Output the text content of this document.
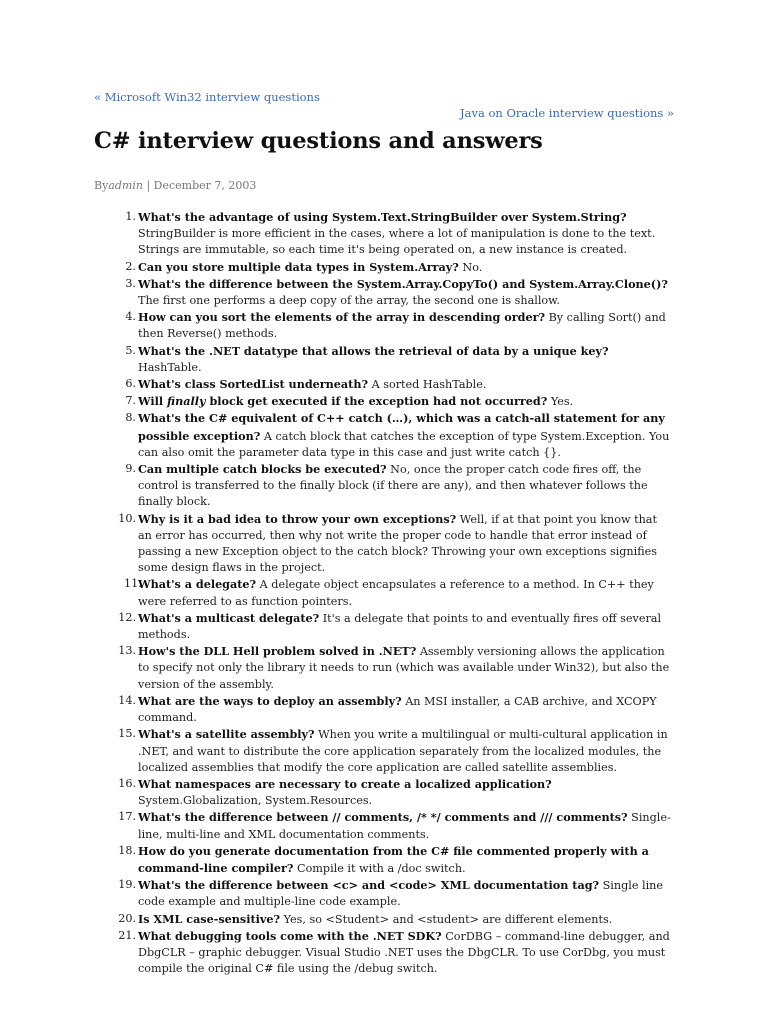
« Microsoft Win32 interview questions
Java on Oracle interview questions »
C# interview questions and answers
Byadmin | December 7, 2003
1. What's the advantage of using System.Text.StringBuilder over System.String? StringBuilder is more efficient in the cases, where a lot of manipulation is done to the text. Strings are immutable, so each time it's being operated on, a new instance is created.
2. Can you store multiple data types in System.Array? No.
3. What's the difference between the System.Array.CopyTo() and System.Array.Clone()? The first one performs a deep copy of the array, the second one is shallow.
4. How can you sort the elements of the array in descending order? By calling Sort() and then Reverse() methods.
5. What's the .NET datatype that allows the retrieval of data by a unique key? HashTable.
6. What's class SortedList underneath? A sorted HashTable.
7. Will finally block get executed if the exception had not occurred? Yes.
8. What's the C# equivalent of C++ catch (…), which was a catch-all statement for any possible exception? A catch block that catches the exception of type System.Exception. You can also omit the parameter data type in this case and just write catch {}.
9. Can multiple catch blocks be executed? No, once the proper catch code fires off, the control is transferred to the finally block (if there are any), and then whatever follows the finally block.
10. Why is it a bad idea to throw your own exceptions? Well, if at that point you know that an error has occurred, then why not write the proper code to handle that error instead of passing a new Exception object to the catch block? Throwing your own exceptions signifies some design flaws in the project.
11.
What's a delegate? A delegate object encapsulates a reference to a method. In C++ they were referred to as function pointers.
12. What's a multicast delegate? It's a delegate that points to and eventually fires off several methods.
13. How's the DLL Hell problem solved in .NET? Assembly versioning allows the application to specify not only the library it needs to run (which was available under Win32), but also the version of the assembly.
14. What are the ways to deploy an assembly? An MSI installer, a CAB archive, and XCOPY command.
15. What's a satellite assembly? When you write a multilingual or multi-cultural application in .NET, and want to distribute the core application separately from the localized modules, the localized assemblies that modify the core application are called satellite assemblies.
16. What namespaces are necessary to create a localized application? System.Globalization, System.Resources.
17. What's the difference between // comments, /* */ comments and /// comments? Single-line, multi-line and XML documentation comments.
18. How do you generate documentation from the C# file commented properly with a command-line compiler? Compile it with a /doc switch.
19. What's the difference between <c> and <code> XML documentation tag? Single line code example and multiple-line code example.
20. Is XML case-sensitive? Yes, so <Student> and <student> are different elements.
21. What debugging tools come with the .NET SDK? CorDBG – command-line debugger, and DbgCLR – graphic debugger. Visual Studio .NET uses the DbgCLR. To use CorDbg, you must compile the original C# file using the /debug switch.
